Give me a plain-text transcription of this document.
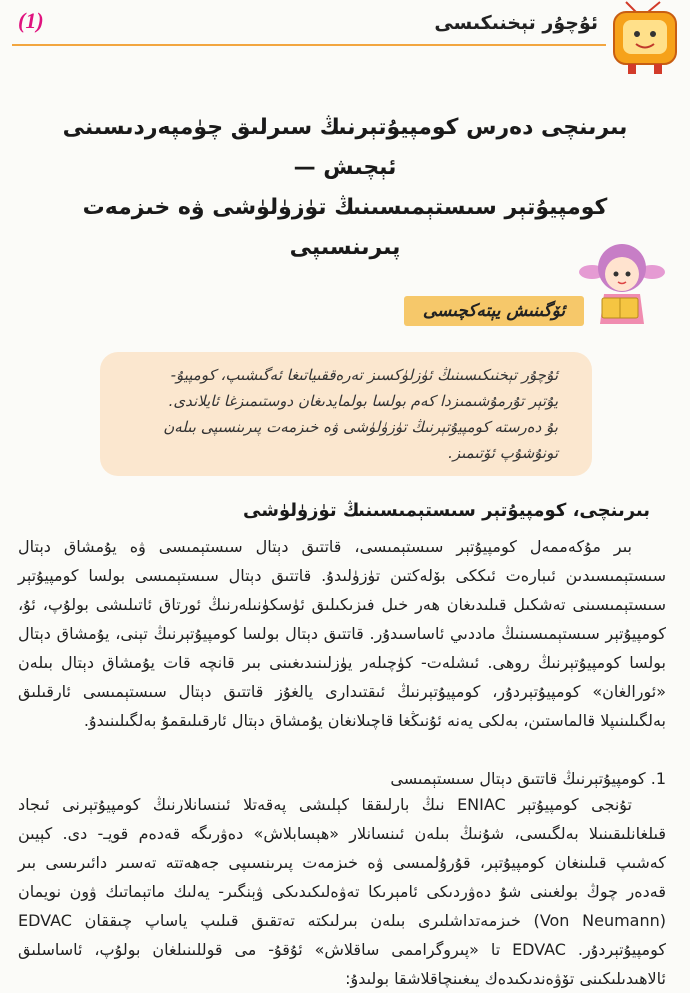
(1)	ئۇچۇر تېخنىكىسى
بىرىنچى دەرس كومپيۇتېرنىڭ سىرلىق چۈمپەردىسىنى ئېچىش —
كومپيۇتېر سىستېمىسىنىڭ تۈزۈلۈشى ۋە خىزمەت پىرىنسىپى
ئۆگىنىش يېتەكچىسى
ئۇچۇر تېخنىكىسىنىڭ ئۈزلۈكسىز تەرەققىياتىغا ئەگىشىپ، كومپيۇ-
يۇتېر تۇرمۇشىمىزدا كەم بولسا بولمايدىغان دوستىمىزغا ئايلاندى.
بۇ دەرستە كومپيۇتېرنىڭ تۈزۈلۈشى ۋە خىزمەت پىرىنسىپى بىلەن
تونۇشۇپ ئۆتىمىز.
بىرىنچى، كومپيۇتېر سىستېمىسىنىڭ تۈزۈلۈشى
بىر مۇكەممەل كومپيۇتېر سىستېمىسى، قاتتىق دېتال سىستېمىسى ۋە يۇمشاق دېتال سىستېمىسىدىن ئىبارەت ئىككى بۆلەكتىن تۈزۈلىدۇ. قاتتىق دېتال سىستېمىسى بولسا كومپيۇتېر سىستېمىسىنى تەشكىل قىلىدىغان ھەر خىل فىزىكىلىق ئۈسكۈنىلەرنىڭ ئورتاق ئاتىلىشى بولۇپ، ئۇ، كومپيۇتېر سىستېمىسىنىڭ ماددىي ئاساسىدۇر. قاتتىق دېتال بولسا كومپيۇتېرنىڭ تېنى، يۇمشاق دېتال بولسا كومپيۇتېرنىڭ روھى. ئىشلەت- كۈچىلەر يۈزلىنىدىغىنى بىر قانچە قات يۇمشاق دېتال بىلەن «ئورالغان» كومپيۇتېردۇر، كومپيۇتېرنىڭ ئىقتىدارى يالغۇز قاتتىق دېتال سىستېمىسى ئارقىلىق بەلگىلىنىپلا قالماستىن، بەلكى يەنە ئۇنىڭغا قاچىلانغان يۇمشاق دېتال ئارقىلىقمۇ بەلگىلىنىدۇ.
1. كومپيۇتېرنىڭ قاتتىق دېتال سىستېمىسى
تۇنجى كومپيۇتېر ENIAC نىڭ بارلىققا كېلىشى پەقەتلا ئىنسانلارنىڭ كومپيۇتېرنى ئىجاد قىلغانلىقىنىلا بەلگىسى، شۇنىڭ بىلەن ئىنسانلار «ھېسابلاش» دەۋرىگە قەدەم قويـ- دى. كېيىن كەشىپ قىلىنغان كومپيۇتېر، قۇرۇلمىسى ۋە خىزمەت پىرىنسىپى جەھەتتە تەسىر دائىرىسى بىر قەدەر چوڭ بولغىنى شۇ دەۋردىكى ئامېرىكا تەۋەلىكىدىكى ۋېنگىر- يەلىك ماتېماتىك ۋون نويمان (Von Neumann) خىزمەتداشلىرى بىلەن بىرلىكتە تەتقىق قىلىپ ياساپ چىققان EDVAC كومپيۇتېردۇر. EDVAC تا «پىروگراممى ساقلاش» ئۇقۇ- مى قوللىنىلغان بولۇپ، ئاساسلىق ئالاھىدىلىكىنى تۆۋەندىكىدەك يىغىنچاقلاشقا بولىدۇ:
